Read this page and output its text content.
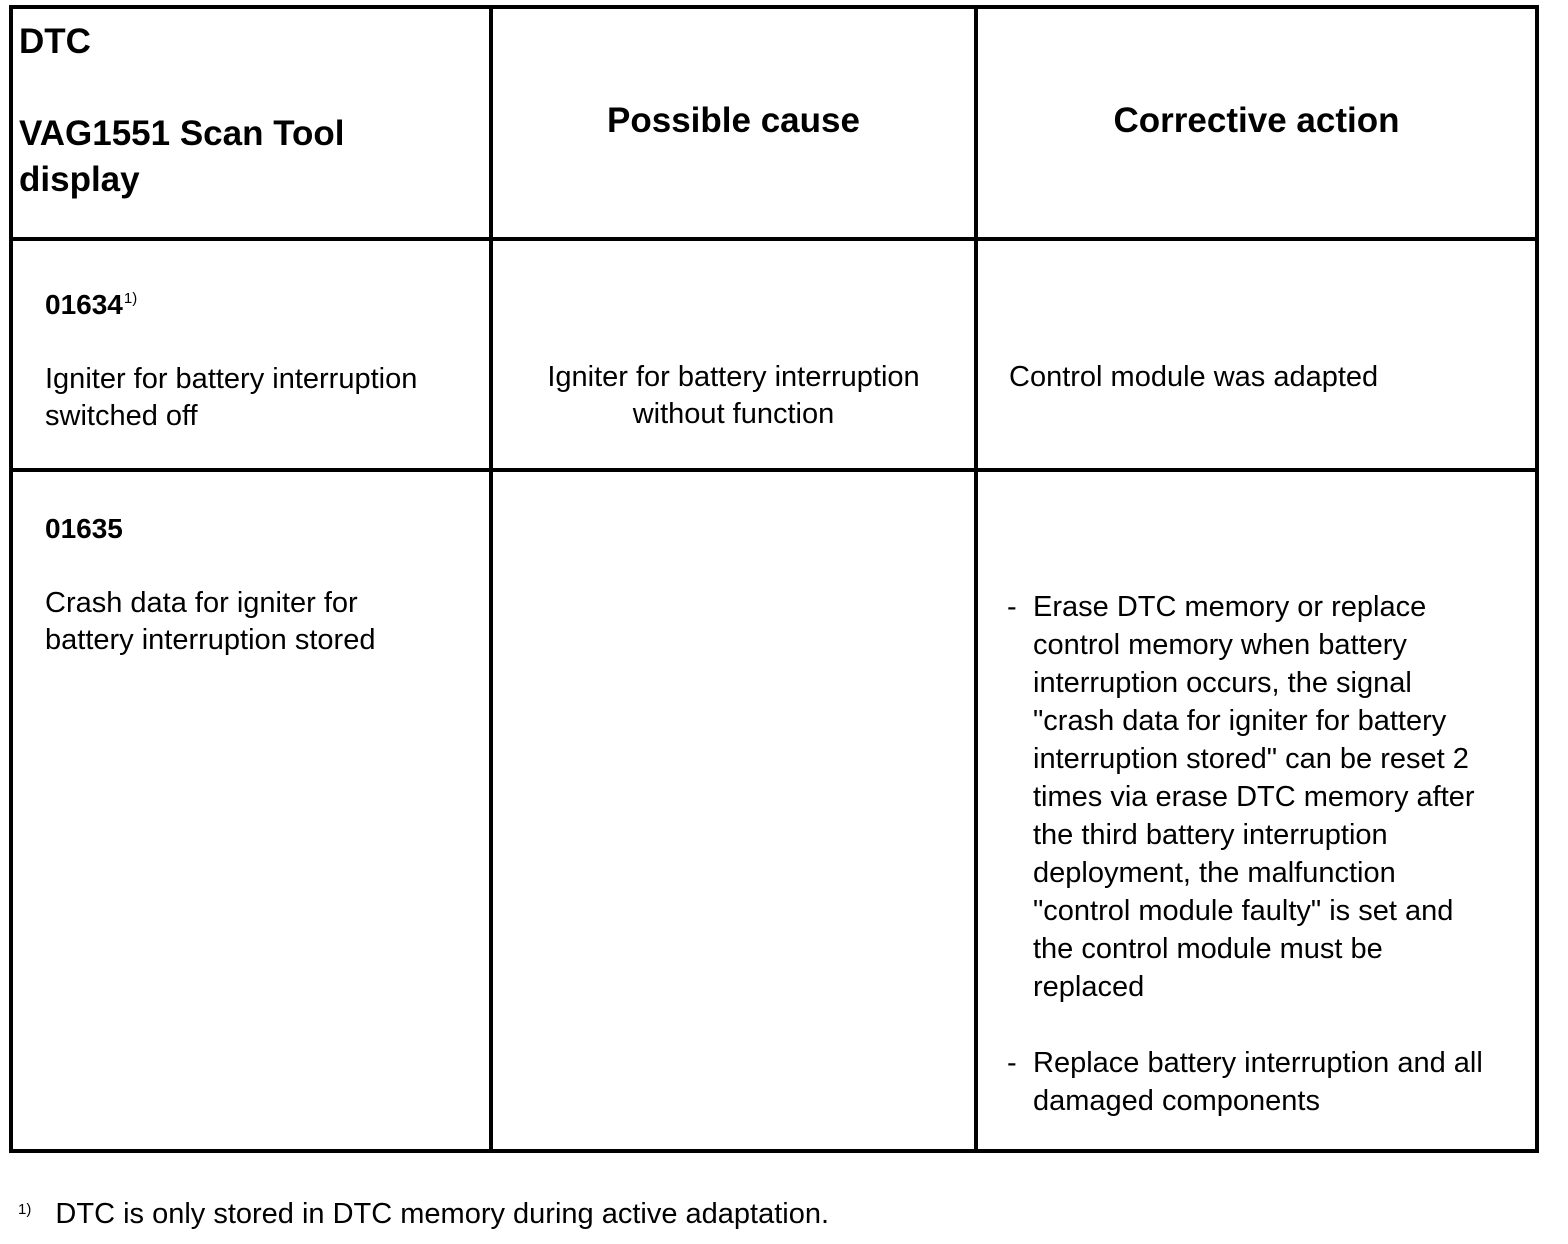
DTC
VAG1551 Scan Tool display
Possible cause	Corrective action
01634$^{1)}$
Igniter for battery interruption switched off
Igniter for battery interruption without function
Control module was adapted
01635
Crash data for igniter for battery interruption stored
- Erase DTC memory or replace control memory when battery interruption occurs, the signal "crash data for igniter for battery interruption stored" can be reset 2 times via erase DTC memory after the third battery interruption deployment, the malfunction "control module faulty" is set and the control module must be replaced
- Replace battery interruption and all damaged components
$^{1)}$ DTC is only stored in DTC memory during active adaptation.
